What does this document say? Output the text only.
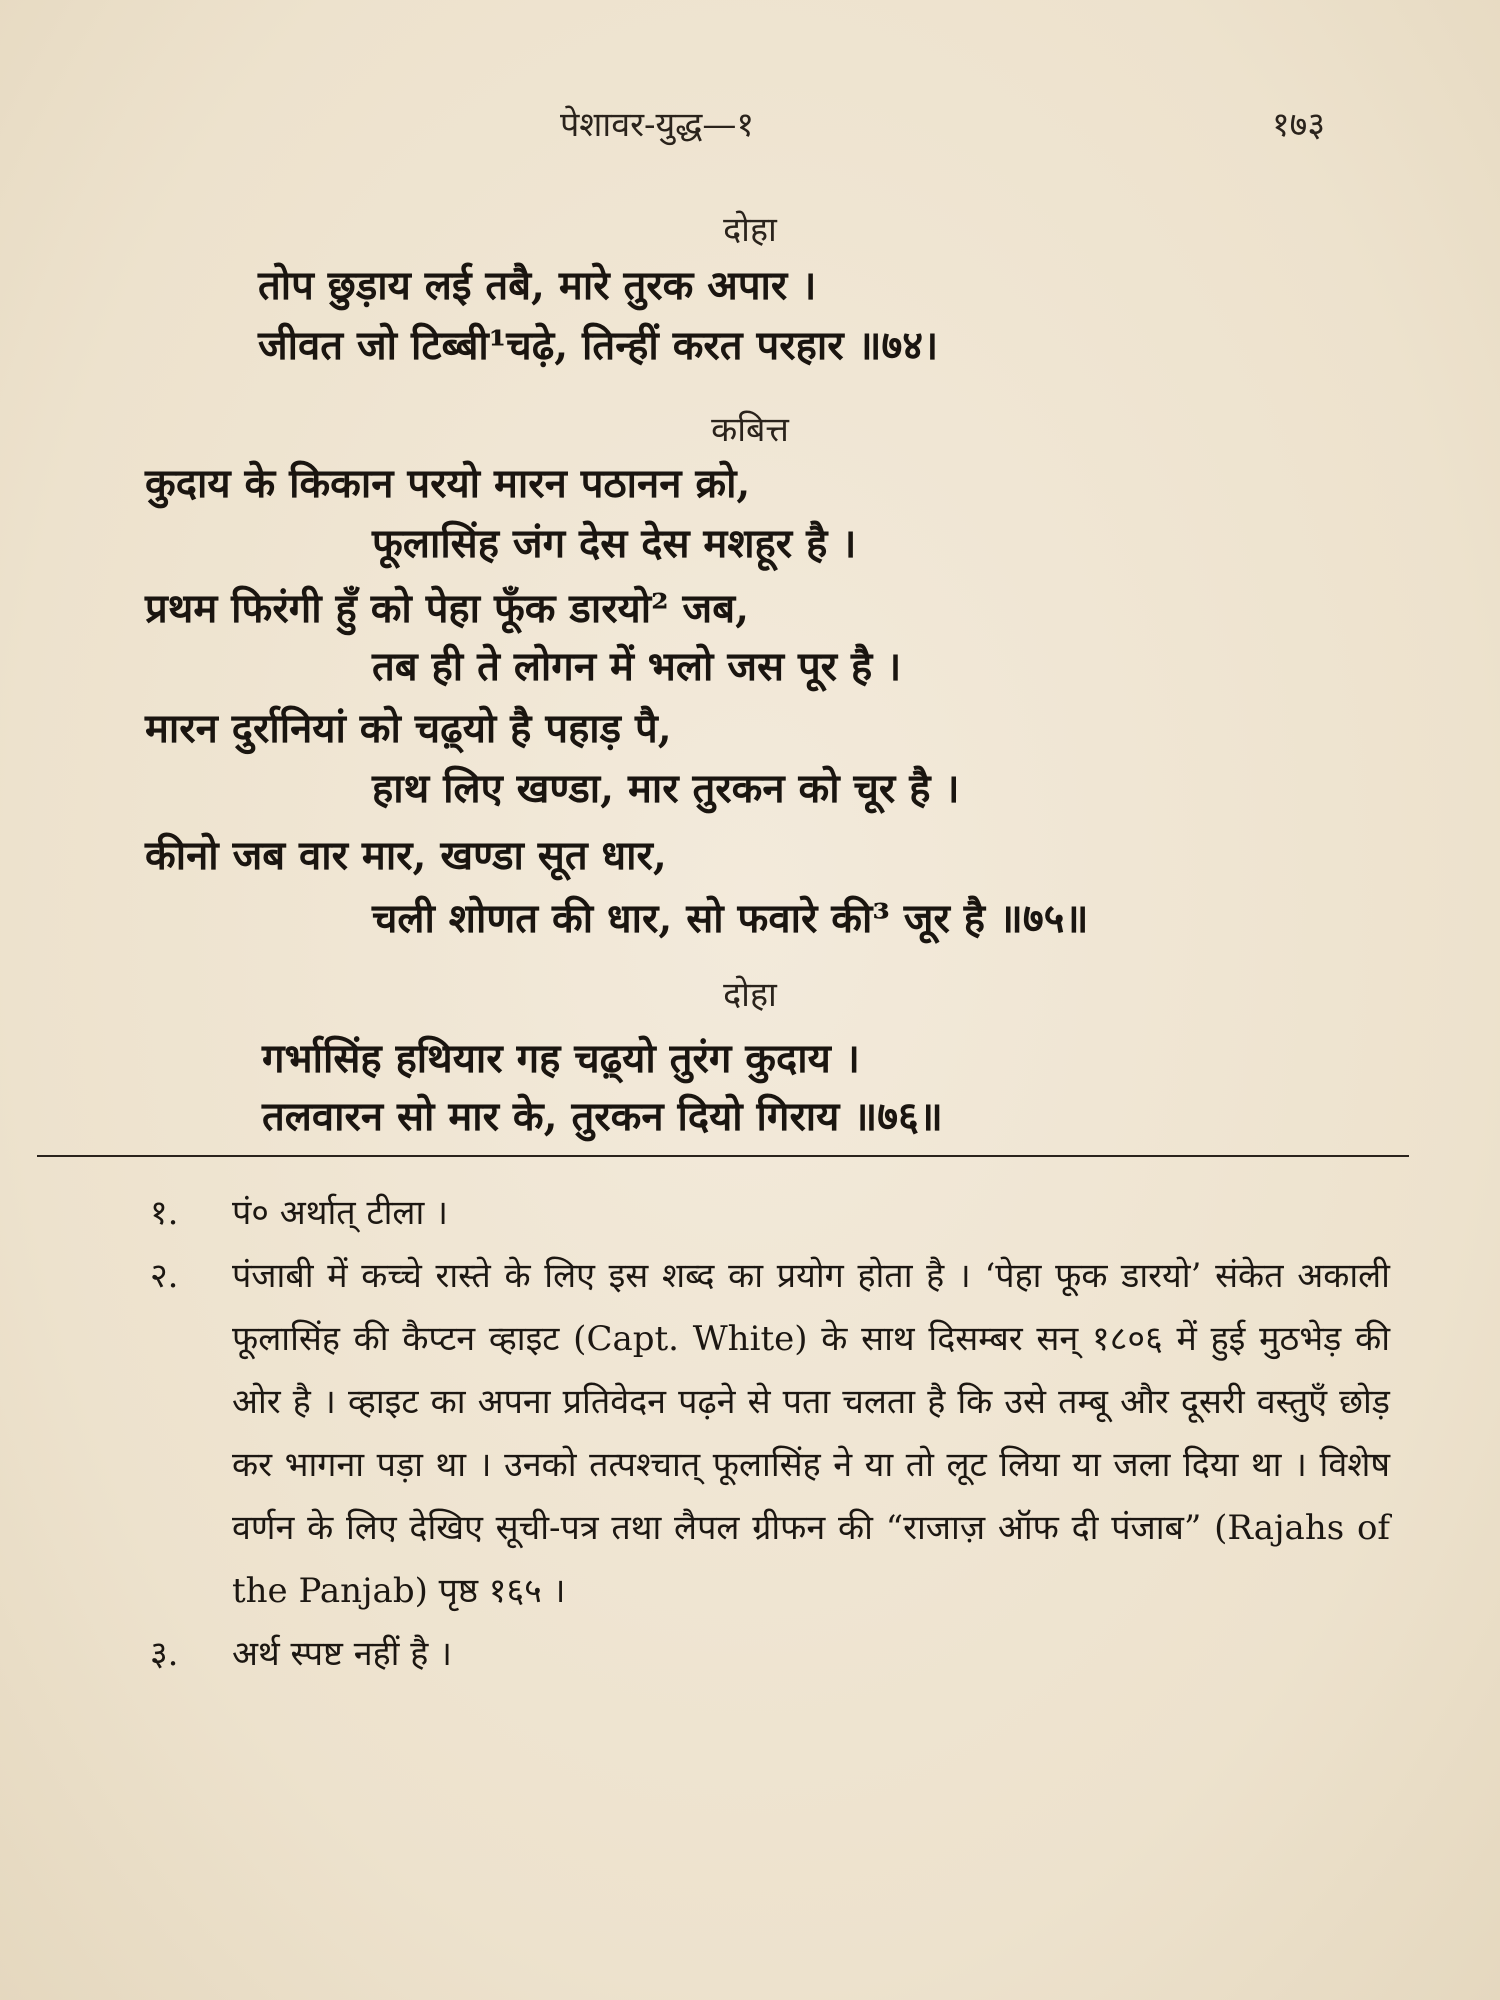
पेशावर-युद्ध—१	१७३
दोहा
तोप छुड़ाय लई तबै, मारे तुरक अपार ।
जीवत जो टिब्बी¹चढ़े, तिन्हीं करत परहार ॥७४।
कबित्त
कुदाय के किकान परयो मारन पठानन क्रो,
फूलासिंह जंग देस देस मशहूर है ।
प्रथम फिरंगी हुँ को पेहा फूँक डारयो² जब,
तब ही ते लोगन में भलो जस पूर है ।
मारन दुर्रानियां को चढ़्यो है पहाड़ पै,
हाथ लिए खण्डा, मार तुरकन को चूर है ।
कीनो जब वार मार, खण्डा सूत धार,
चली शोणत की धार, सो फवारे की³ जूर है ॥७५॥
दोहा
गर्भासिंह हथियार गह चढ़्यो तुरंग कुदाय ।
तलवारन सो मार के, तुरकन दियो गिराय ॥७६॥
१. पं० अर्थात् टीला ।
२. पंजाबी में कच्चे रास्ते के लिए इस शब्द का प्रयोग होता है । ‘पेहा फूक डारयो’ संकेत अकाली फूलासिंह की कैप्टन व्हाइट (Capt. White) के साथ दिसम्बर सन् १८०६ में हुई मुठभेड़ की ओर है । व्हाइट का अपना प्रतिवेदन पढ़ने से पता चलता है कि उसे तम्बू और दूसरी वस्तुएँ छोड़ कर भागना पड़ा था । उनको तत्पश्चात् फूलासिंह ने या तो लूट लिया या जला दिया था । विशेष वर्णन के लिए देखिए सूची-पत्र तथा लैपल ग्रीफन की “राजाज़ ऑफ दी पंजाब” (Rajahs of the Panjab) पृष्ठ १६५ ।
३. अर्थ स्पष्ट नहीं है ।
